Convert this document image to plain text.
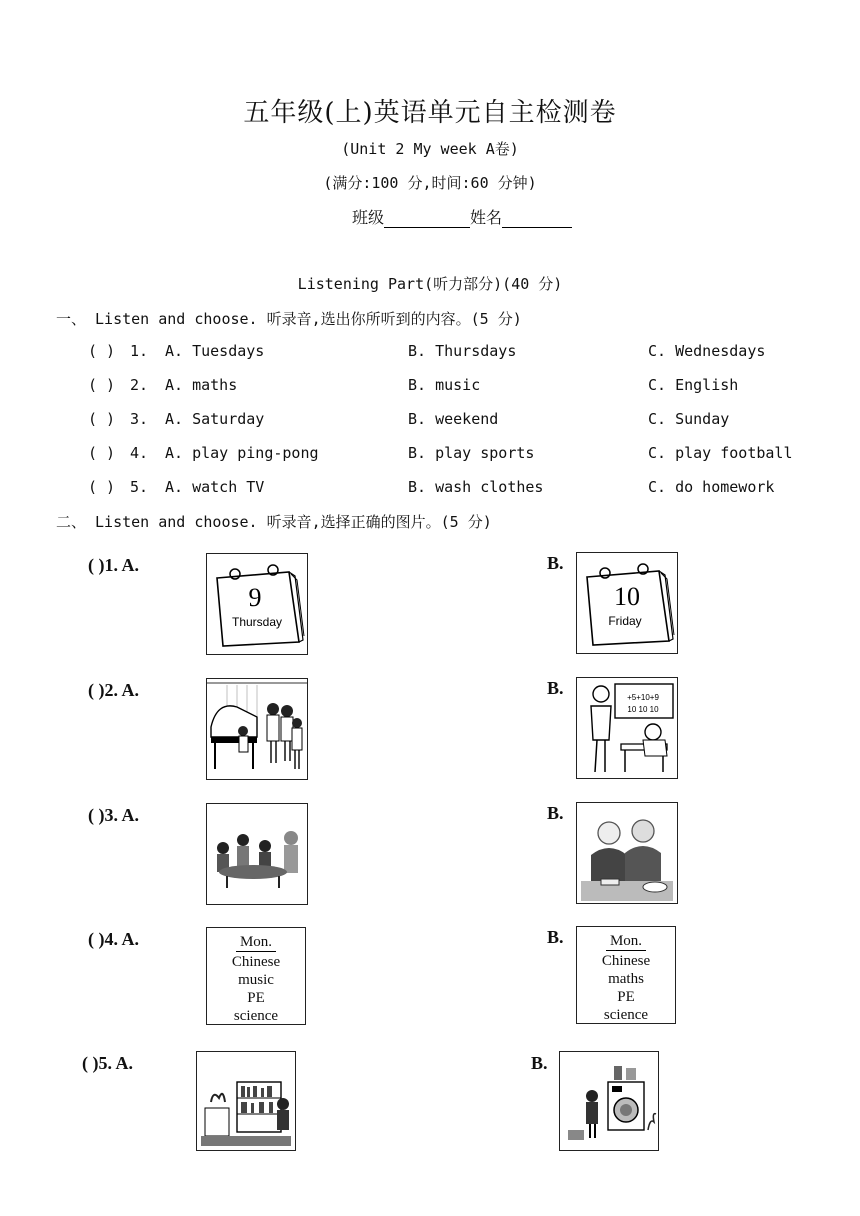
五年级(上)英语单元自主检测卷
(Unit 2 My week A卷)
(满分:100 分,时间:60 分钟)
班级	姓名
Listening Part(听力部分)(40 分)
一、 Listen and choose. 听录音,选出你所听到的内容。(5 分)
( ) 1. A. Tuesdays	B. Thursdays	C. Wednesdays
( ) 2. A. maths	B. music	C. English
( ) 3. A. Saturday	B. weekend	C. Sunday
( ) 4. A. play ping-pong	B. play sports	C. play football
( ) 5. A. watch TV	B. wash clothes	C. do homework
二、 Listen and choose. 听录音,选择正确的图片。(5 分)
( )1. A.
9
Thursday
B.
10
Friday
( )2. A.	B.	+5+10+9
10 10 10
( )3. A.	B.
( )4. A.	Mon.
Chinese
music
PE
science
B.	Mon.
Chinese
maths
PE
science
( )5. A.	B.
